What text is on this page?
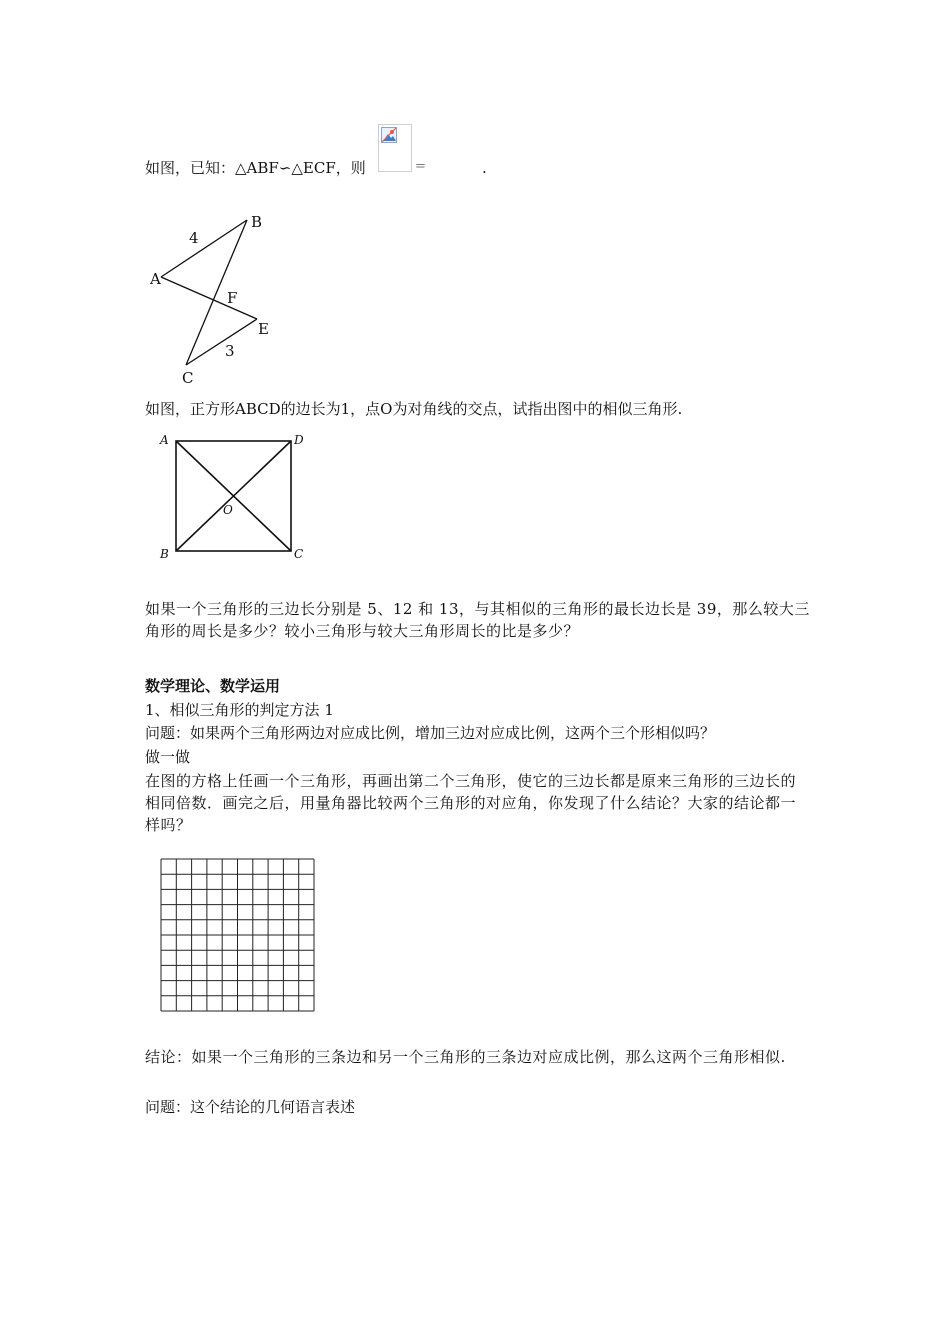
如图，已知：△ABF∽△ECF，则	=	.
A
B
C
E
F
4
3
如图，正方形ABCD的边长为1，点O为对角线的交点，试指出图中的相似三角形.
A	D
B	C
O
如果一个三角形的三边长分别是 5、12 和 13，与其相似的三角形的最长边长是 39，那么较大三角形的周长是多少？较小三角形与较大三角形周长的比是多少？
数学理论、数学运用
1、相似三角形的判定方法 1
问题：如果两个三角形两边对应成比例，增加三边对应成比例，这两个三个形相似吗？
做一做
在图的方格上任画一个三角形，再画出第二个三角形，使它的三边长都是原来三角形的三边长的相同倍数．画完之后，用量角器比较两个三角形的对应角，你发现了什么结论？大家的结论都一样吗？
结论：如果一个三角形的三条边和另一个三角形的三条边对应成比例，那么这两个三角形相似.
问题：这个结论的几何语言表述
